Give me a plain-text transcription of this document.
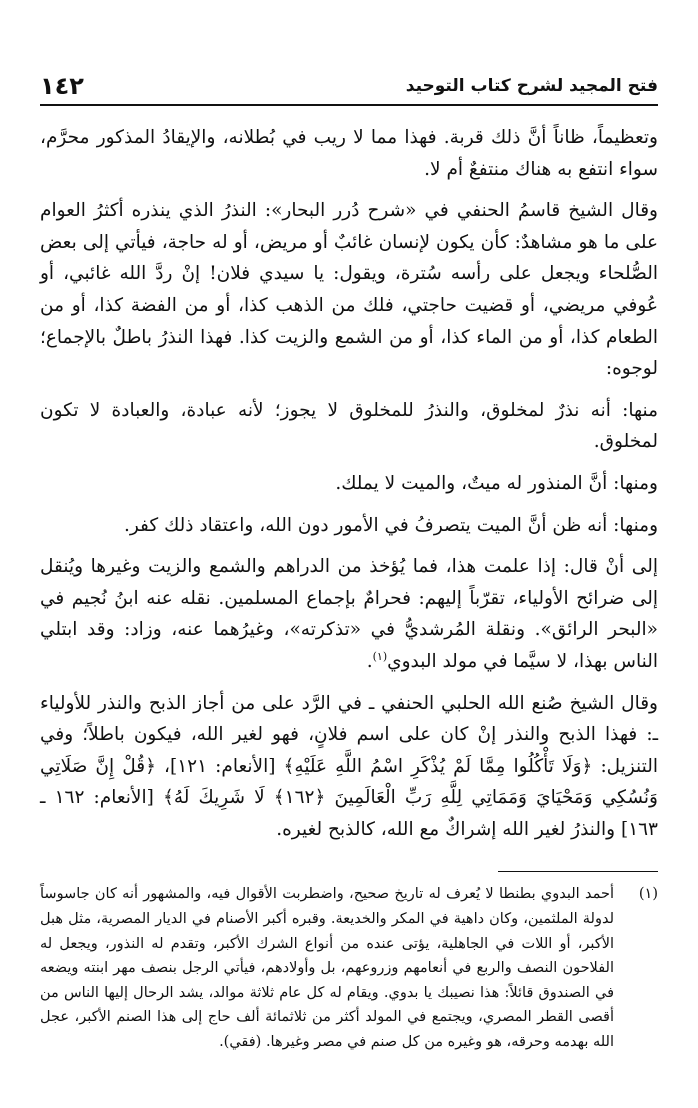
فتح المجيد لشرح كتاب التوحيد
١٤٢

وتعظيماً، ظاناً أنَّ ذلك قربة. فهذا مما لا ريب في بُطلانه، والإيقادُ المذكور محرَّم، سواء انتفع به هناك منتفعٌ أم لا.

وقال الشيخ قاسمُ الحنفي في «شرح دُرر البحار»: النذرُ الذي ينذره أكثرُ العوام على ما هو مشاهدٌ: كأن يكون لإنسان غائبٌ أو مريض، أو له حاجة، فيأتي إلى بعض الصُّلحاء ويجعل على رأسه سُترة، ويقول: يا سيدي فلان! إنْ ردَّ الله غائبي، أو عُوفي مريضي، أو قضيت حاجتي، فلك من الذهب كذا، أو من الفضة كذا، أو من الطعام كذا، أو من الماء كذا، أو من الشمع والزيت كذا. فهذا النذرُ باطلٌ بالإجماع؛ لوجوه:

منها: أنه نذرٌ لمخلوق، والنذرُ للمخلوق لا يجوز؛ لأنه عبادة، والعبادة لا تكون لمخلوق.

ومنها: أنَّ المنذور له ميتٌ، والميت لا يملك.

ومنها: أنه ظن أنَّ الميت يتصرفُ في الأمور دون الله، واعتقاد ذلك كفر.

إلى أنْ قال: إذا علمت هذا، فما يُؤخذ من الدراهم والشمع والزيت وغيرها ويُنقل إلى ضرائح الأولياء، تقرّباً إليهم: فحرامٌ بإجماع المسلمين. نقله عنه ابنُ نُجيم في «البحر الرائق». ونقلة المُرشديُّ في «تذكرته»، وغيرُهما عنه، وزاد: وقد ابتلي الناس بهذا، لا سيَّما في مولد البدوي$^{(١)}$.

وقال الشيخ صُنع الله الحلبي الحنفي ـ في الرَّد على من أجاز الذبح والنذر للأولياء ـ: فهذا الذبح والنذر إنْ كان على اسم فلانٍ، فهو لغير الله، فيكون باطلاً؛ وفي التنزيل: ﴿وَلَا تَأْكُلُوا مِمَّا لَمْ يُذْكَرِ اسْمُ اللَّهِ عَلَيْهِ﴾ [الأنعام: ١٢١]، ﴿قُلْ إِنَّ صَلَاتِي وَنُسُكِي وَمَحْيَايَ وَمَمَاتِي لِلَّهِ رَبِّ الْعَالَمِينَ ﴿١٦٢﴾ لَا شَرِيكَ لَهُ﴾ [الأنعام: ١٦٢ ـ ١٦٣] والنذرُ لغير الله إشراكٌ مع الله، كالذبح لغيره.

(١)
أحمد البدوي بطنطا لا يُعرف له تاريخ صحيح، واضطربت الأقوال فيه، والمشهور أنه كان جاسوساً لدولة الملثمين، وكان داهية في المكر والخديعة. وقبره أكبر الأصنام في الديار المصرية، مثل هبل الأكبر، أو اللات في الجاهلية، يؤتى عنده من أنواع الشرك الأكبر، وتقدم له النذور، ويجعل له الفلاحون النصف والربع في أنعامهم وزروعهم، بل وأولادهم، فيأتي الرجل بنصف مهر ابنته ويضعه في الصندوق قائلاً: هذا نصيبك يا بدوي. ويقام له كل عام ثلاثة موالد، يشد الرحال إليها الناس من أقصى القطر المصري، ويجتمع في المولد أكثر من ثلاثمائة ألف حاج إلى هذا الصنم الأكبر، عجل الله بهدمه وحرقه، هو وغيره من كل صنم في مصر وغيرها. (فقي).
